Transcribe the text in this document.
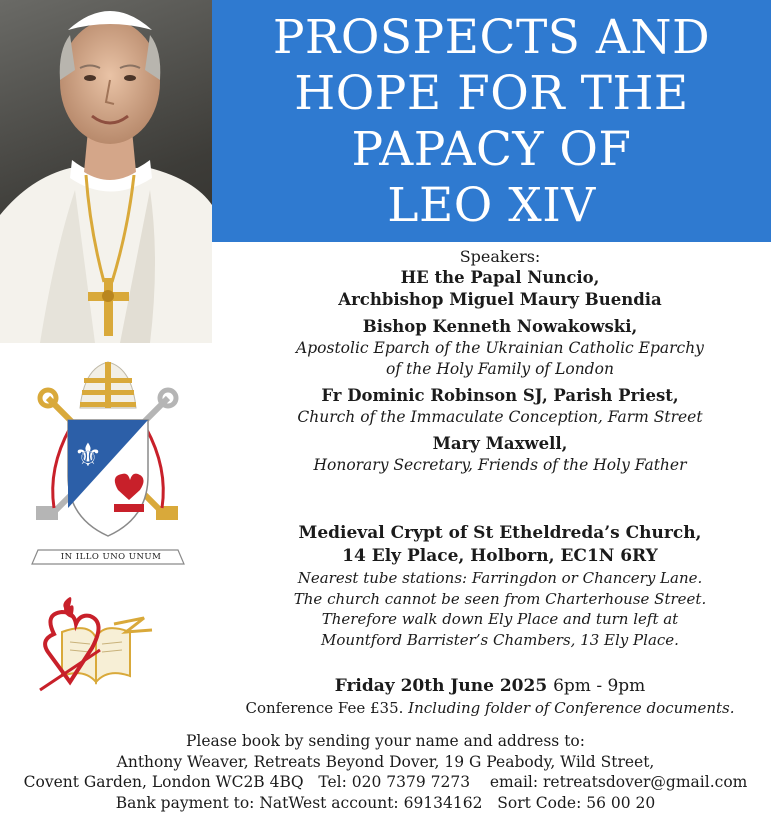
PROSPECTS AND
HOPE FOR THE
PAPACY OF
LEO XIV
Speakers:
HE the Papal Nuncio,
Archbishop Miguel Maury Buendia
Bishop Kenneth Nowakowski,
Apostolic Eparch of the Ukrainian Catholic Eparchy
of the Holy Family of London
Fr Dominic Robinson SJ, Parish Priest,
Church of the Immaculate Conception, Farm Street
Mary Maxwell,
Honorary Secretary, Friends of the Holy Father
⚜
IN ILLO UNO UNUM
Medieval Crypt of St Etheldreda’s Church,
14 Ely Place, Holborn, EC1N 6RY
Nearest tube stations: Farringdon or Chancery Lane.
The church cannot be seen from Charterhouse Street.
Therefore walk down Ely Place and turn left at
Mountford Barrister’s Chambers, 13 Ely Place.
Friday 20th June 2025 6pm - 9pm
Conference Fee £35. Including folder of Conference documents.
Please book by sending your name and address to:
Anthony Weaver, Retreats Beyond Dover, 19 G Peabody, Wild Street,
Covent Garden, London WC2B 4BQ Tel: 020 7379 7273 email: retreatsdover@gmail.com
Bank payment to: NatWest account: 69134162 Sort Code: 56 00 20
